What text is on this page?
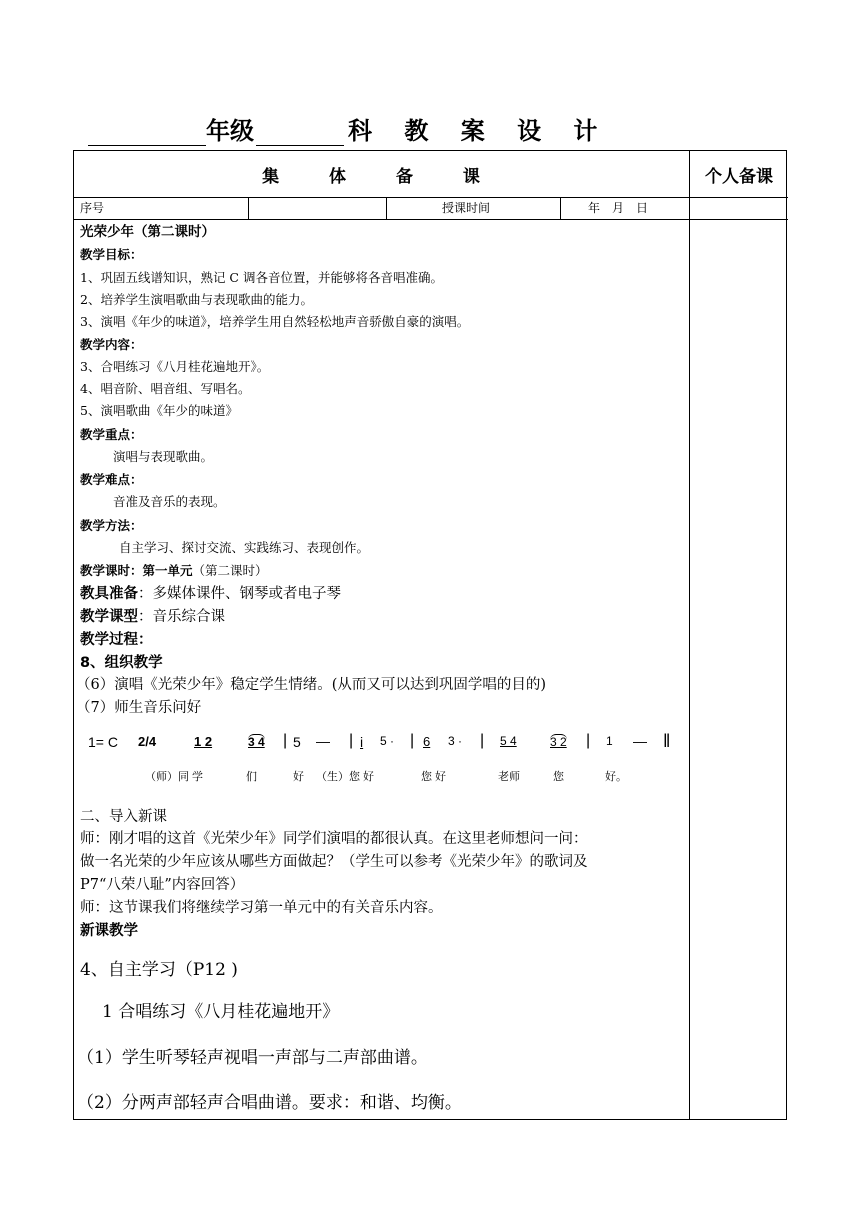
年级	科 教 案 设 计
集 体 备 课	个人备课
序号	授课时间	年　月　日
光荣少年（第二课时）
教学目标：
1、巩固五线谱知识，熟记 C 调各音位置，并能够将各音唱准确。
2、培养学生演唱歌曲与表现歌曲的能力。
3、演唱《年少的味道》，培养学生用自然轻松地声音骄傲自豪的演唱。
教学内容：
3、合唱练习《八月桂花遍地开》。
4、唱音阶、唱音组、写唱名。
5、演唱歌曲《年少的味道》
教学重点：
演唱与表现歌曲。
教学难点：
音准及音乐的表现。
教学方法：
自主学习、探讨交流、实践练习、表现创作。
教学课时：第一单元（第二课时）
教具准备：多媒体课件、钢琴或者电子琴
教学课型：音乐综合课
教学过程：
8、组织教学
（6）演唱《光荣少年》稳定学生情绪。(从而又可以达到巩固学唱的目的)
（7）师生音乐问好
二、导入新课
师：刚才唱的这首《光荣少年》同学们演唱的都很认真。在这里老师想问一问：
做一名光荣的少年应该从哪些方面做起？（学生可以参考《光荣少年》的歌词及
P7“八荣八耻”内容回答）
师：这节课我们将继续学习第一单元中的有关音乐内容。
新课教学
4、自主学习（P12 )
1 合唱练习《八月桂花遍地开》
（1）学生听琴轻声视唱一声部与二声部曲谱。
（2）分两声部轻声合唱曲谱。要求：和谐、均衡。
1= C 2/4	1 2	3 4 | 5 — | i 5 · | 6 3 · | 5 4	3 2 | 1 — ‖
（师）同 学	们	好 （生）您 好	您 好	老师	您	好。
